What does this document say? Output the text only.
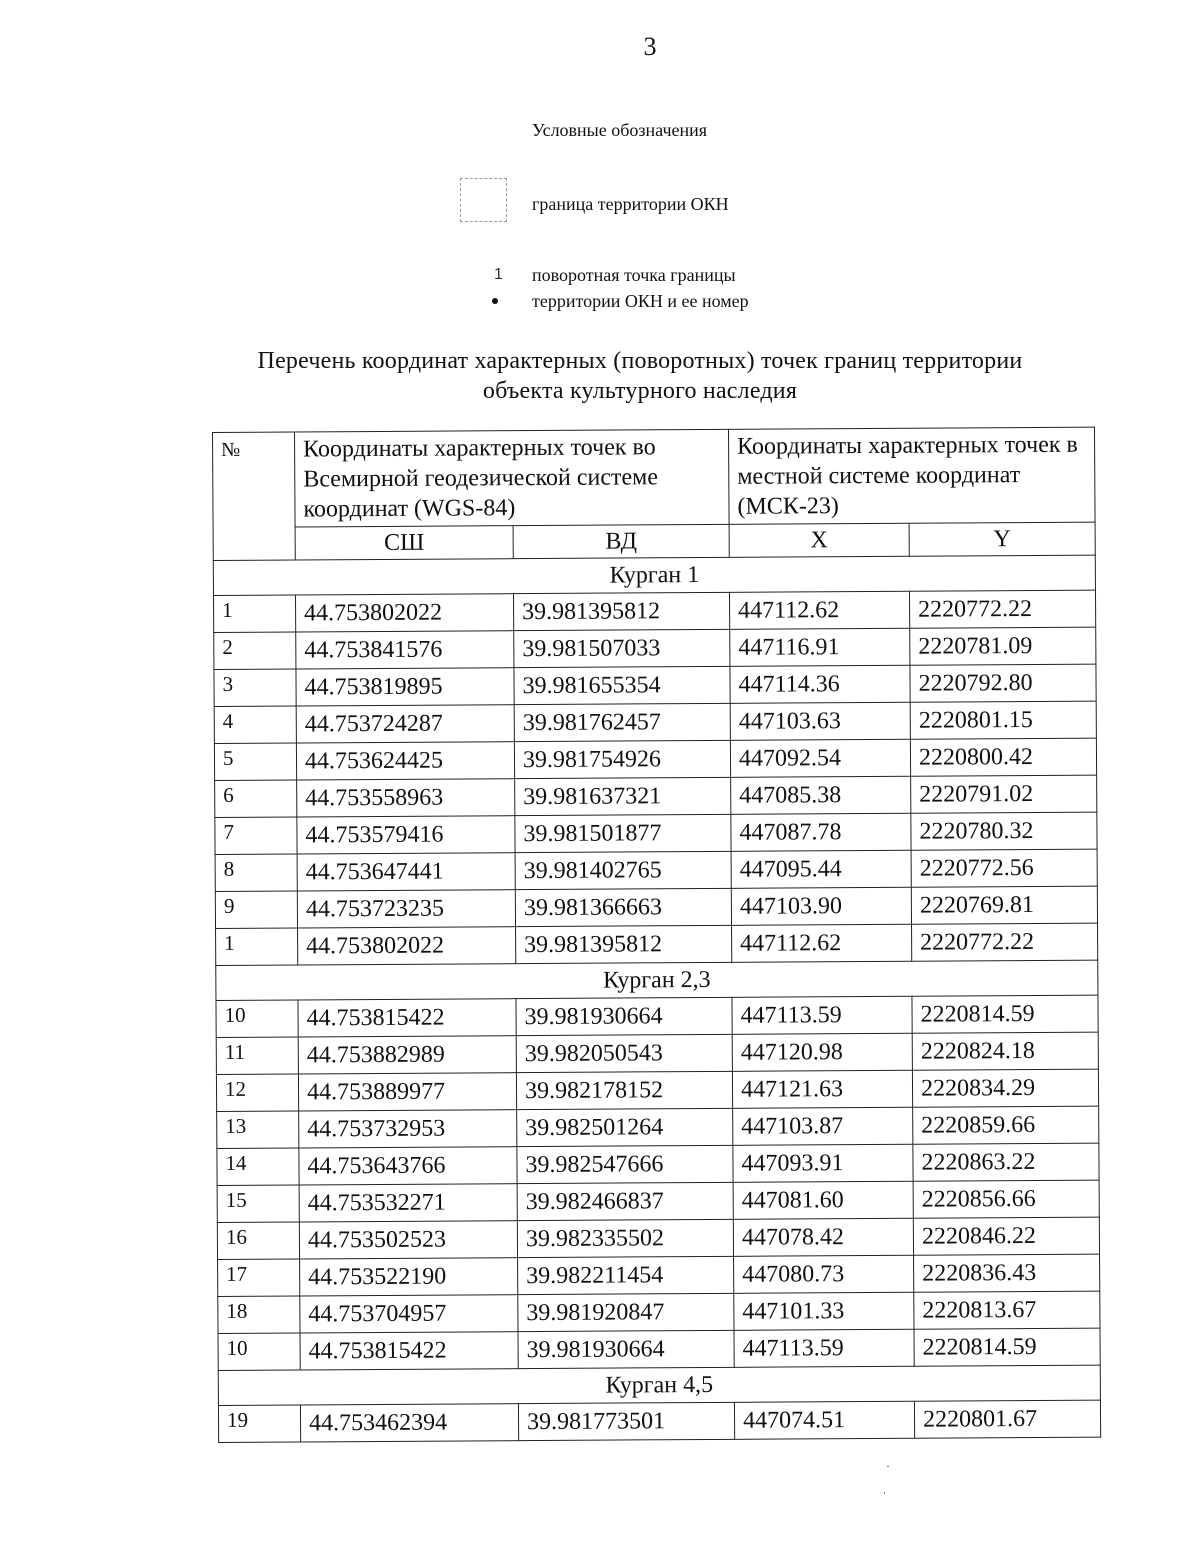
3
Условные обозначения
граница территории ОКН
1 поворотная точка границы
территории ОКН и ее номер
Перечень координат характерных (поворотных) точек границ территории
объекта культурного наследия
№	Координаты характерных точек во Всемирной геодезической системе координат (WGS-84)		Координаты характерных точек в местной системе координат (МСК-23)	
	СШ	ВД	X	Y
Курган 1				
1	44.753802022	39.981395812	447112.62	2220772.22
2	44.753841576	39.981507033	447116.91	2220781.09
3	44.753819895	39.981655354	447114.36	2220792.80
4	44.753724287	39.981762457	447103.63	2220801.15
5	44.753624425	39.981754926	447092.54	2220800.42
6	44.753558963	39.981637321	447085.38	2220791.02
7	44.753579416	39.981501877	447087.78	2220780.32
8	44.753647441	39.981402765	447095.44	2220772.56
9	44.753723235	39.981366663	447103.90	2220769.81
1	44.753802022	39.981395812	447112.62	2220772.22
Курган 2,3				
10	44.753815422	39.981930664	447113.59	2220814.59
11	44.753882989	39.982050543	447120.98	2220824.18
12	44.753889977	39.982178152	447121.63	2220834.29
13	44.753732953	39.982501264	447103.87	2220859.66
14	44.753643766	39.982547666	447093.91	2220863.22
15	44.753532271	39.982466837	447081.60	2220856.66
16	44.753502523	39.982335502	447078.42	2220846.22
17	44.753522190	39.982211454	447080.73	2220836.43
18	44.753704957	39.981920847	447101.33	2220813.67
10	44.753815422	39.981930664	447113.59	2220814.59
Курган 4,5				
19	44.753462394	39.981773501	447074.51	2220801.67
